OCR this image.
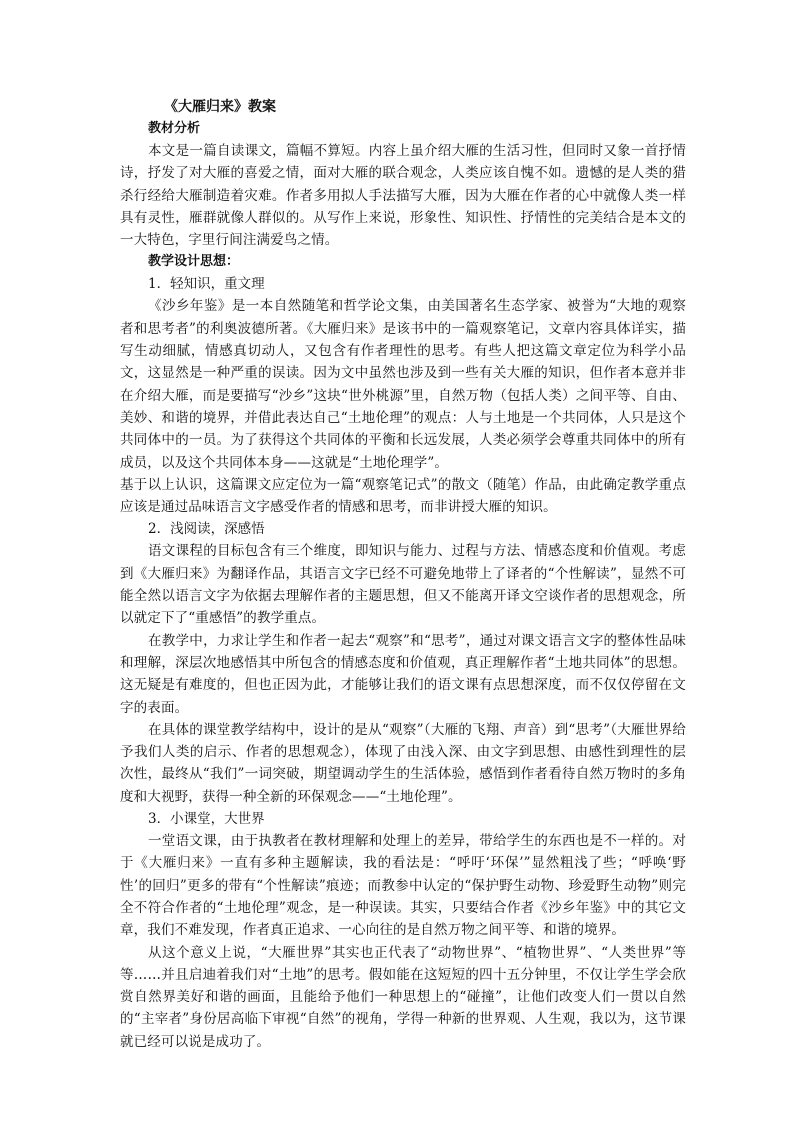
《大雁归来》教案
教材分析

本文是一篇自读课文，篇幅不算短。内容上虽介绍大雁的生活习性，但同时又象一首抒情诗，抒发了对大雁的喜爱之情，面对大雁的联合观念，人类应该自愧不如。遗憾的是人类的猎杀行经给大雁制造着灾难。作者多用拟人手法描写大雁，因为大雁在作者的心中就像人类一样具有灵性，雁群就像人群似的。从写作上来说，形象性、知识性、抒情性的完美结合是本文的一大特色，字里行间注满爱鸟之情。

教学设计思想：
1．轻知识，重文理

《沙乡年鉴》是一本自然随笔和哲学论文集，由美国著名生态学家、被誉为“大地的观察者和思考者”的利奥波德所著。《大雁归来》是该书中的一篇观察笔记，文章内容具体详实，描写生动细腻，情感真切动人，又包含有作者理性的思考。有些人把这篇文章定位为科学小品文，这显然是一种严重的误读。因为文中虽然也涉及到一些有关大雁的知识，但作者本意并非在介绍大雁，而是要描写“沙乡”这块“世外桃源”里，自然万物（包括人类）之间平等、自由、美妙、和谐的境界，并借此表达自己“土地伦理”的观点：人与土地是一个共同体，人只是这个共同体中的一员。为了获得这个共同体的平衡和长远发展，人类必须学会尊重共同体中的所有成员，以及这个共同体本身——这就是“土地伦理学”。

基于以上认识，这篇课文应定位为一篇“观察笔记式”的散文（随笔）作品，由此确定教学重点应该是通过品味语言文字感受作者的情感和思考，而非讲授大雁的知识。

2．浅阅读，深感悟

语文课程的目标包含有三个维度，即知识与能力、过程与方法、情感态度和价值观。考虑到《大雁归来》为翻译作品，其语言文字已经不可避免地带上了译者的“个性解读”，显然不可能全然以语言文字为依据去理解作者的主题思想，但又不能离开译文空谈作者的思想观念，所以就定下了“重感悟”的教学重点。

在教学中，力求让学生和作者一起去“观察”和“思考”，通过对课文语言文字的整体性品味和理解，深层次地感悟其中所包含的情感态度和价值观，真正理解作者“土地共同体”的思想。这无疑是有难度的，但也正因为此，才能够让我们的语文课有点思想深度，而不仅仅停留在文字的表面。

在具体的课堂教学结构中，设计的是从“观察”（大雁的飞翔、声音）到“思考”（大雁世界给予我们人类的启示、作者的思想观念），体现了由浅入深、由文字到思想、由感性到理性的层次性，最终从“我们”一词突破，期望调动学生的生活体验，感悟到作者看待自然万物时的多角度和大视野，获得一种全新的环保观念——“土地伦理”。

3．小课堂，大世界

一堂语文课，由于执教者在教材理解和处理上的差异，带给学生的东西也是不一样的。对于《大雁归来》一直有多种主题解读，我的看法是：“呼吁‘环保’”显然粗浅了些；“呼唤‘野性’的回归”更多的带有“个性解读”痕迹；而教参中认定的“保护野生动物、珍爱野生动物”则完全不符合作者的“土地伦理”观念，是一种误读。其实，只要结合作者《沙乡年鉴》中的其它文章，我们不难发现，作者真正追求、一心向往的是自然万物之间平等、和谐的境界。

从这个意义上说，“大雁世界”其实也正代表了“动物世界”、“植物世界”、“人类世界”等等……并且启迪着我们对“土地”的思考。假如能在这短短的四十五分钟里，不仅让学生学会欣赏自然界美好和谐的画面，且能给予他们一种思想上的“碰撞”，让他们改变人们一贯以自然的“主宰者”身份居高临下审视“自然”的视角，学得一种新的世界观、人生观，我以为，这节课就已经可以说是成功了。
